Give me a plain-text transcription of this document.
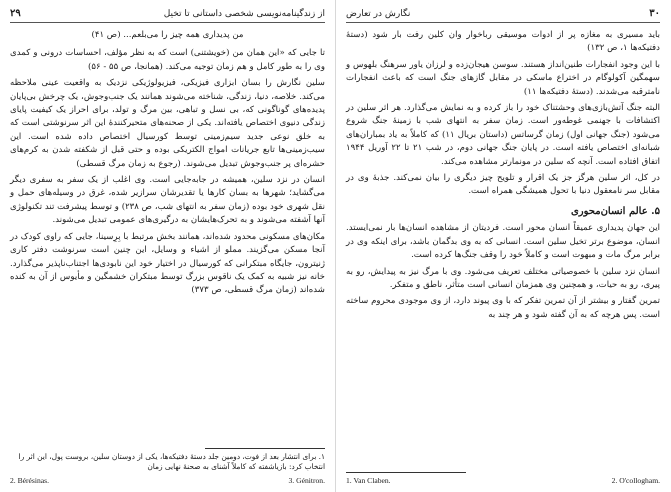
از زندگینامه‌نویسی شخصی داستانی تا تخیل
۲۹

من پدیداری همه چیز را می‌بلعم... (ص ۴۱)

تا جایی که «این همان من (خویشتنی) است که به نظر مؤلف، احساسات درونی و کمدی وی را به طور کامل و هم زمان توجیه می‌کند. (همانجا، ص ۵۵ - ۵۶)

سلین نگارش را بسان ابزاری فیزیکی، فیزیولوژیکی نزدیک به واقعیت عینی ملاحظه می‌کند. خلاصه، دنیا، زندگی، شناخته می‌شوند همانند یک جنب‌وجوش، یک چرخش بی‌پایان پدیده‌های گوناگونی که، بی نسل و تباهی، بین مرگ و تولد، برای احراز یک کیفیت پایای زندگی دنیوی اختصاص یافته‌اند. یکی از صحنه‌های متحیرکنندهٔ این اثر سرنوشتی است که به خلق نوعی جدید سیم‌زمینی توسط کورسیال اختصاص داده شده است. این سیب‌زمینی‌ها تابع جریانات امواج الکتریکی بوده و حتی قبل از شکفته شدن به کرم‌های حشره‌ای پر جنب‌وجوش تبدیل می‌شوند. (رجوع به زمان مرگ قسطی)

انسان در نزد سلین، همیشه در جابه‌جایی است. وی اغلب از یک سفر به سفری دیگر می‌گشاید؛ شهرها به بسان کارها یا تقدیرشان سرازیر شده، غرق در وسیله‌های حمل و نقل شهری خود بوده (زمان سفر به انتهای شب، ص ۲۳۸) و توسط پیشرفت تند تکنولوژی آنها آشفته می‌شوند و به تحرک‌هایشان به درگیری‌های عمومی تبدیل می‌شوند.

مکان‌های مسکونی محدود شده‌اند، همانند بخش مرتبط با بِرِسینا، جایی که راوی کودک در آنجا مسکن می‌گزیند. مملو از اشیاء و وسایل، این چنین است سرنوشت دفتر کاری ژنیترون، جایگاه مبتکرانی که کورسیال در اختیار خود این نابودی‌ها اجتناب‌ناپذیر می‌گذارد. خانه نیز شبیه به کمک یک ناقوس بزرگ توسط مبتکران خشمگین و مأیوس از آن به کنده شده‌اند (زمان مرگ قسطی، ص ۳۷۳)

۱. برای انتشار بعد از فوت، دومین جلد دستهٔ دفتیکه‌ها، یکی از دوستان سلین، بروست پول، این اثر را انتخاب کرد: بازیاشفته که کاملاً آشنای به صحنهٔ نهایی زمان
2. Bérésinas.	3. Génitron.
۳۰
نگارش در تعارض

باید مسیری به مغازه پر از ادوات موسیقی رباخوار وان کلین رفت بار شود (دستهٔ دفتیکه‌ها ۱، ص ۱۳۲)

با این وجود انفجارات طنین‌انداز هستند. سوسن هیجان‌زده و لرزان یاور سرهنگ بلهوس و سهمگین آکولوگام در اختراع ماسکی در مقابل گازهای جنگ است که باعث انفجارات نامترقبه می‌شدند. (دستهٔ دفتیکه‌ها ۱۱)

البته جنگ آتش‌بازی‌های وحشتناک خود را باز کرده و به نمایش می‌گذارد. هر اثر سلین در اکتشافات با جهنمی غوطه‌ور است. زمان سفر به انتهای شب با زمینهٔ جنگ شروع می‌شود (جنگ جهانی اول) زمان گرساتس (داستان بریال ۱۱) که کاملاً به یاد بمباران‌های شبانه‌ای اختصاص یافته است. در پایان جنگ جهانی دوم، در شب ۲۱ تا ۲۲ آوریل ۱۹۴۴ اتفاق افتاده است. آنچه که سلین در مونمارتر مشاهده می‌کند.

در کل، اثر سلین هرگز جز یک اقرار و تلویح چیز دیگری را بیان نمی‌کند. جذبهٔ وی در مقابل سر نامعقول دنیا با تحول همیشگی همراه است.

۵. عالم انسان‌محوری

این جهان پدیداری عمیقاً انسان محور است. فردیتان از مشاهده انسان‌ها بار نمی‌ایستد. انسان، موضوع برتر تخیل سلین است. انسانی که به وی بدگمان باشد، برای اینکه وی در برابر مرگ مات و مبهوت است و کاملاً خود را وقف جنگ‌ها کرده است.

انسان نزد سلین با خصوصیاتی مختلف تعریف می‌شود. وی با مرگ نیز به پیدایش، رو به پیری، رو به حیات، و همچنین وی همزمان انسانی است متأثر، ناطق و متفکر.

تمرین گفتار و بیشتر از آن تمرین تفکر که با وی پیوند دارد، از وی موجودی محروم ساخته است. پس هرچه که به آن گفته شود و هر چند به

1. Van Claben.	2. O'collogham.
